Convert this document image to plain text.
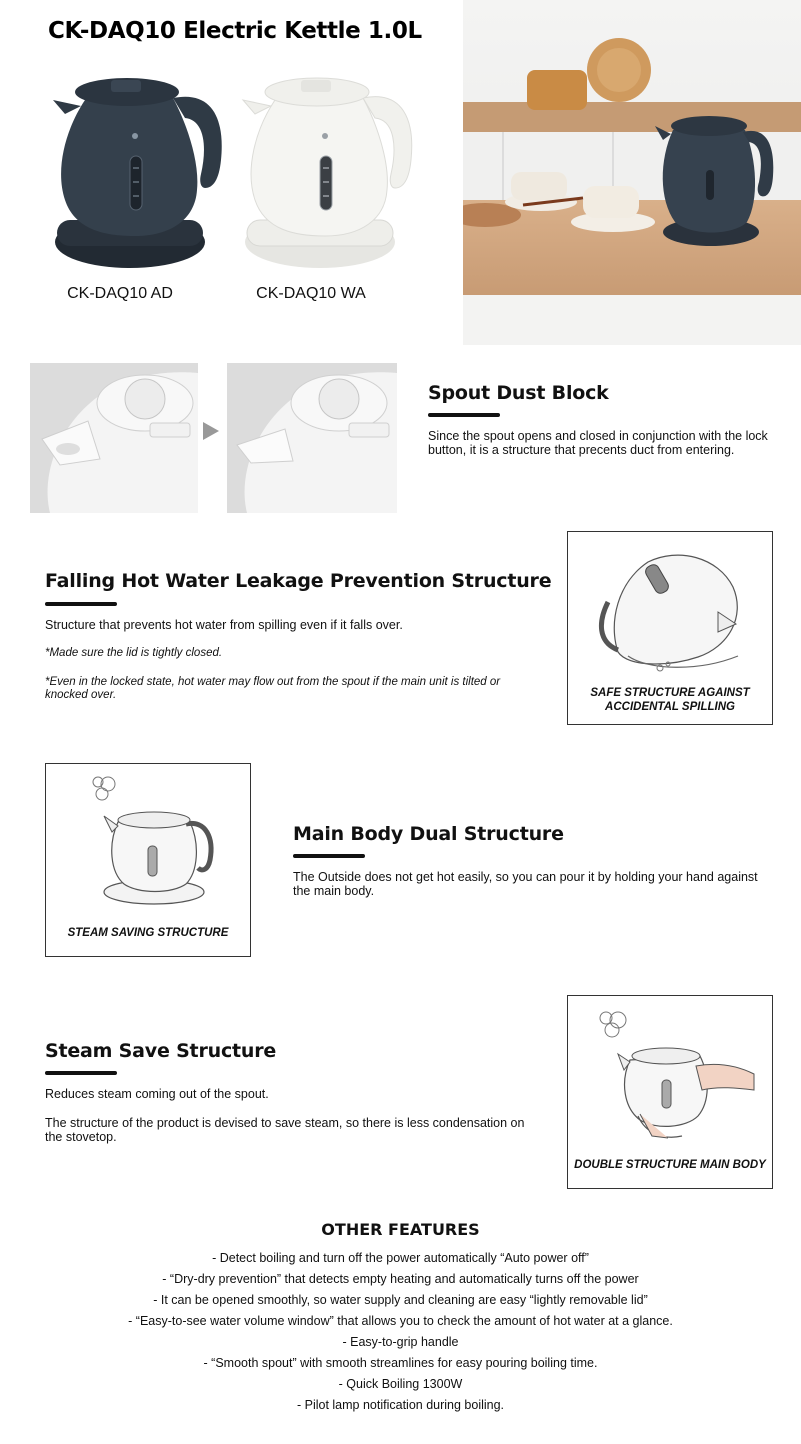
CK-DAQ10 Electric Kettle 1.0L
CK-DAQ10 AD	CK-DAQ10 WA
Spout Dust Block
Since the spout opens and closed in conjunction with the lock button, it is a structure that precents duct from entering.
Falling Hot Water Leakage Prevention Structure
Structure that prevents hot water from spilling even if it falls over.
*Made sure the lid is tightly closed.
*Even in the locked state, hot water may flow out from the spout if the main unit is tilted or knocked over.	SAFE STRUCTURE AGAINST ACCIDENTAL SPILLING
STEAM SAVING STRUCTURE
Main Body Dual Structure
The Outside does not get hot easily, so you can pour it by holding your hand against the main body.
Steam Save Structure
Reduces steam coming out of the spout.
The structure of the product is devised to save steam, so there is less condensation on the stovetop.
DOUBLE STRUCTURE MAIN BODY
OTHER FEATURES
- Detect boiling and turn off the power automatically “Auto power off”
- “Dry-dry prevention” that detects empty heating and automatically turns off the power
- It can be opened smoothly, so water supply and cleaning are easy “lightly removable lid”
- “Easy-to-see water volume window” that allows you to check the amount of hot water at a glance.
- Easy-to-grip handle
- “Smooth spout” with smooth streamlines for easy pouring boiling time.
- Quick Boiling 1300W
- Pilot lamp notification during boiling.
